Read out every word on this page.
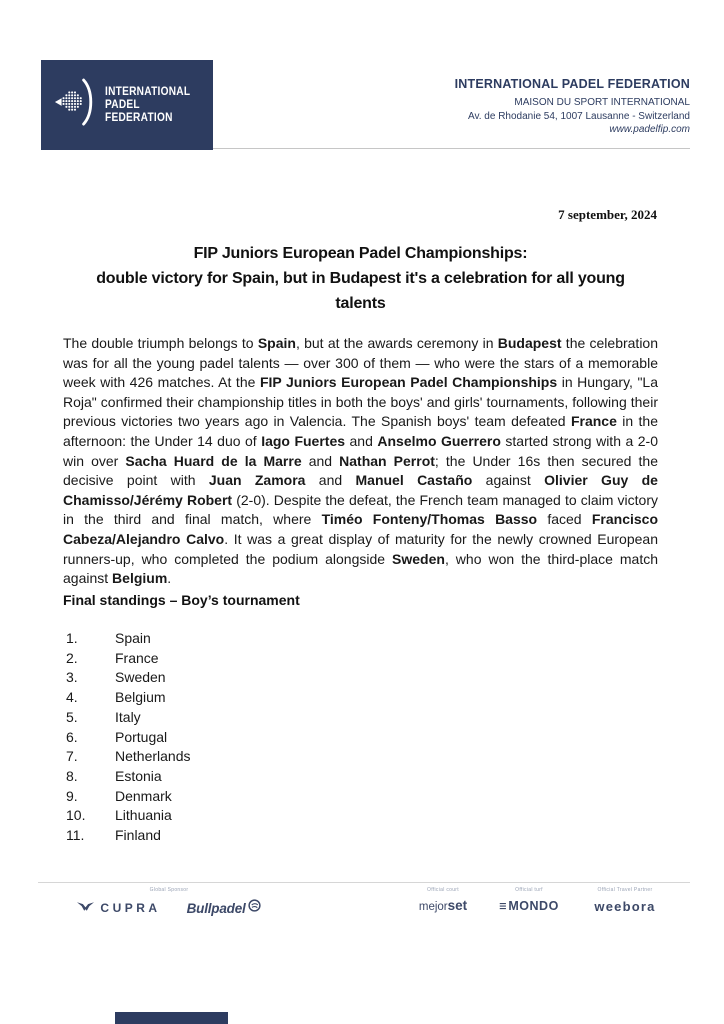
INTERNATIONAL
PADEL
FEDERATION
INTERNATIONAL PADEL FEDERATION
MAISON DU SPORT INTERNATIONAL
Av. de Rhodanie 54, 1007 Lausanne - Switzerland
www.padelfip.com
7 september, 2024
FIP Juniors European Padel Championships:
double victory for Spain, but in Budapest it's a celebration for all young
talents
The double triumph belongs to Spain, but at the awards ceremony in Budapest the celebration was for all the young padel talents — over 300 of them — who were the stars of a memorable week with 426 matches. At the FIP Juniors European Padel Championships in Hungary, "La Roja" confirmed their championship titles in both the boys' and girls' tournaments, following their previous victories two years ago in Valencia. The Spanish boys' team defeated France in the afternoon: the Under 14 duo of Iago Fuertes and Anselmo Guerrero started strong with a 2-0 win over Sacha Huard de la Marre and Nathan Perrot; the Under 16s then secured the decisive point with Juan Zamora and Manuel Castaño against Olivier Guy de Chamisso/Jérémy Robert (2-0). Despite the defeat, the French team managed to claim victory in the third and final match, where Timéo Fonteny/Thomas Basso faced Francisco Cabeza/Alejandro Calvo. It was a great display of maturity for the newly crowned European runners-up, who completed the podium alongside Sweden, who won the third-place match against Belgium.
Final standings – Boy’s tournament
1.	Spain
2.	France
3.	Sweden
4.	Belgium
5.	Italy
6.	Portugal
7.	Netherlands
8.	Estonia
9.	Denmark
10.	Lithuania
11.	Finland
Global Sponsor
CUPRA Bullpadel
Official court
mejorset
Official turf
☰ MONDO
Official Travel Partner
weebora
